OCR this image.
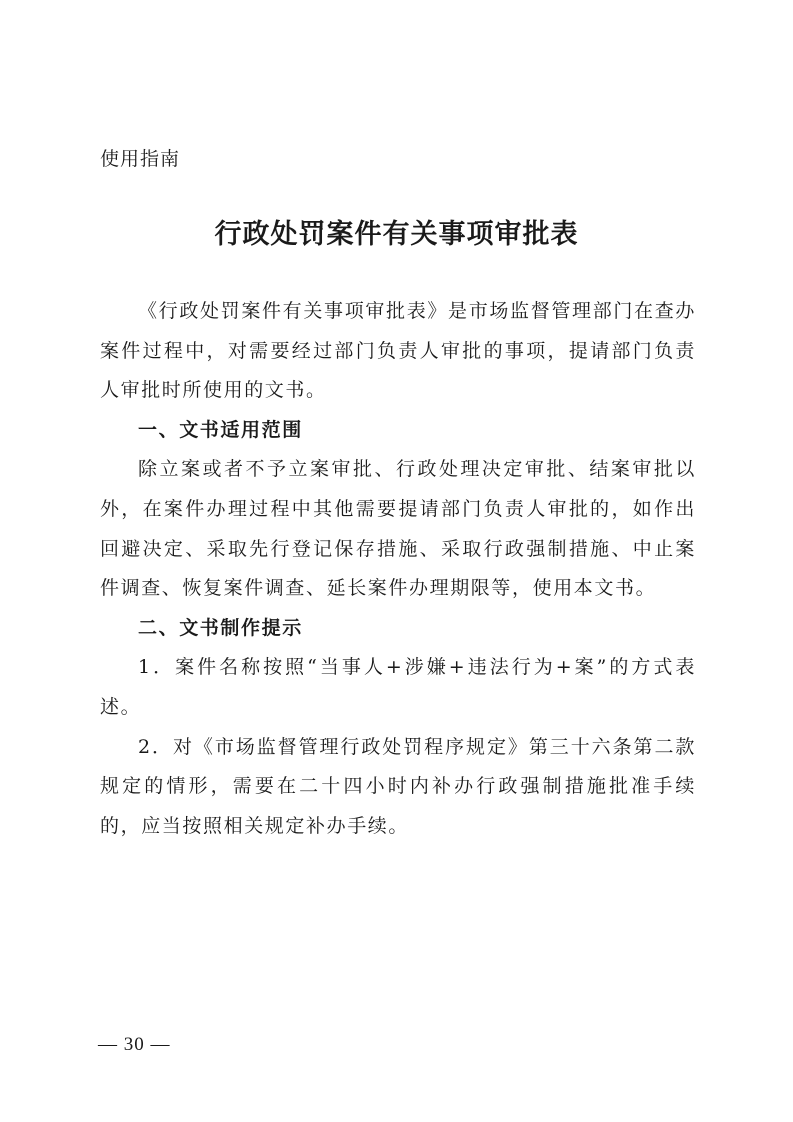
使用指南
行政处罚案件有关事项审批表

《行政处罚案件有关事项审批表》是市场监督管理部门在查办案件过程中，对需要经过部门负责人审批的事项，提请部门负责人审批时所使用的文书。

一、文书适用范围

除立案或者不予立案审批、行政处理决定审批、结案审批以外，在案件办理过程中其他需要提请部门负责人审批的，如作出回避决定、采取先行登记保存措施、采取行政强制措施、中止案件调查、恢复案件调查、延长案件办理期限等，使用本文书。

二、文书制作提示

1．案件名称按照“当事人+涉嫌+违法行为+案”的方式表述。

2．对《市场监督管理行政处罚程序规定》第三十六条第二款规定的情形，需要在二十四小时内补办行政强制措施批准手续的，应当按照相关规定补办手续。

— 30 —
